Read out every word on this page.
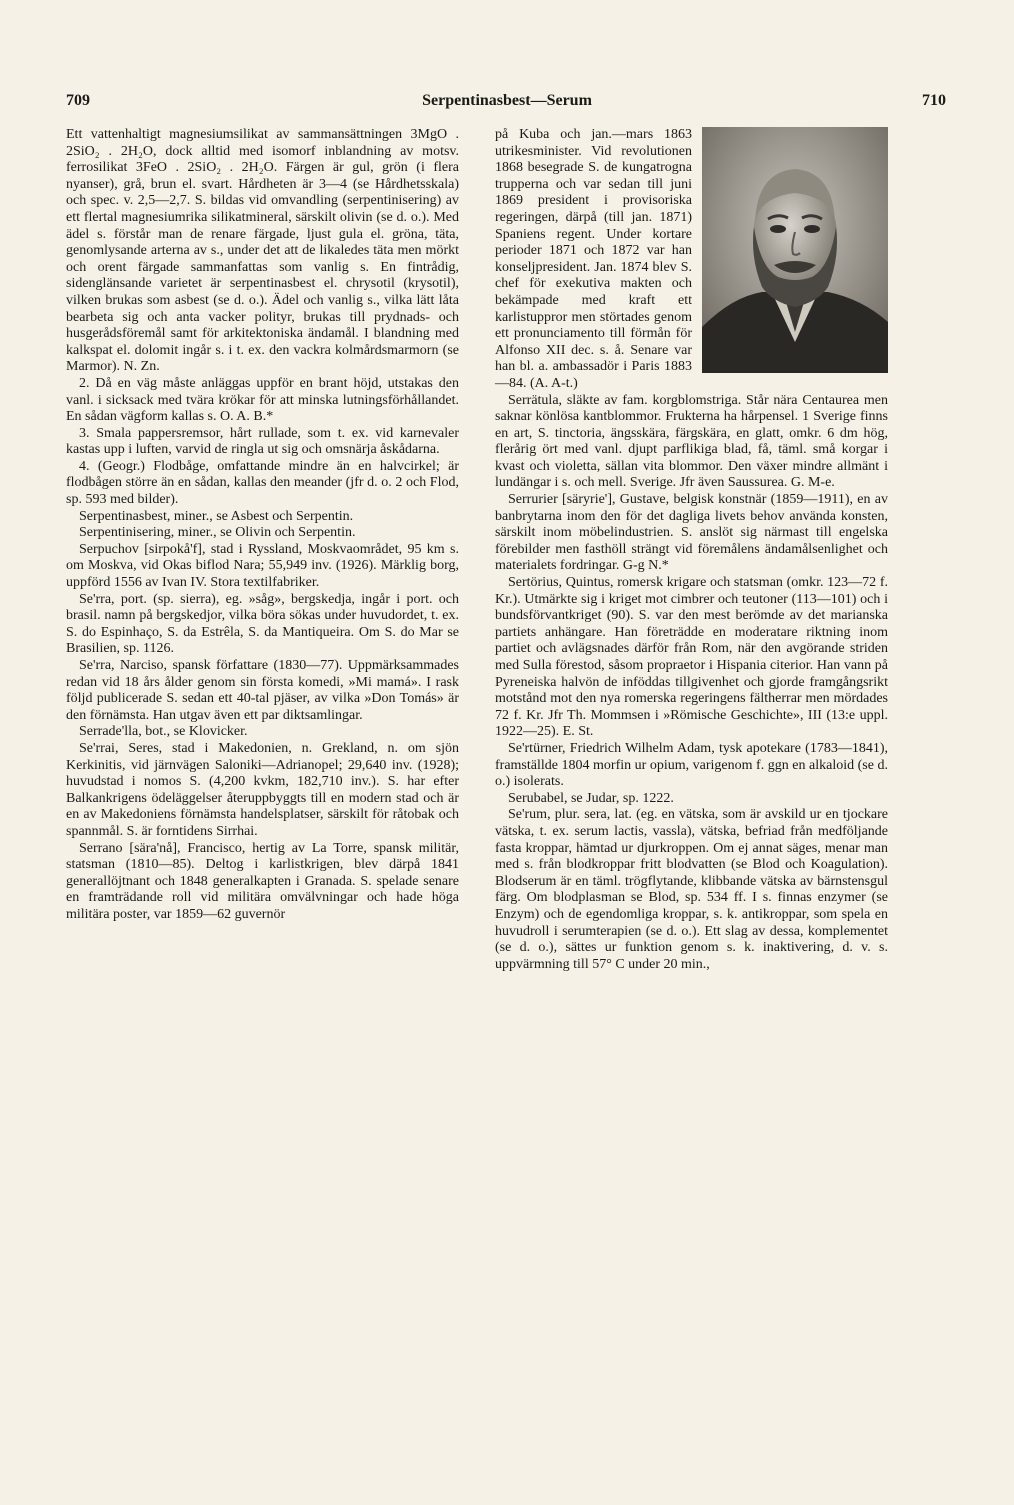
709	Serpentinasbest—Serum	710

Ett vattenhaltigt magnesiumsilikat av sammansättningen 3MgO . 2SiO₂ . 2H₂O, dock alltid med isomorf inblandning av motsv. ferrosilikat 3FeO . 2SiO₂ . 2H₂O. Färgen är gul, grön (i flera nyanser), grå, brun el. svart. Hårdheten är 3—4 (se Hårdhetsskala) och spec. v. 2,5—2,7. S. bildas vid omvandling (serpentinisering) av ett flertal magnesiumrika silikatmineral, särskilt olivin (se d. o.). Med ädel s. förstår man de renare färgade, ljust gula el. gröna, täta, genomlysande arterna av s., under det att de likaledes täta men mörkt och orent färgade sammanfattas som vanlig s. En fintrådig, sidenglänsande varietet är serpentinasbest el. chrysotil (krysotil), vilken brukas som asbest (se d. o.). Ädel och vanlig s., vilka lätt låta bearbeta sig och anta vacker polityr, brukas till prydnads- och husgerådsföremål samt för arkitektoniska ändamål. I blandning med kalkspat el. dolomit ingår s. i t. ex. den vackra kolmårdsmarmorn (se Marmor). N. Zn.

2. Då en väg måste anläggas uppför en brant höjd, utstakas den vanl. i sicksack med tvära krökar för att minska lutningsförhållandet. En sådan vägform kallas s. O. A. B.*

3. Smala pappersremsor, hårt rullade, som t. ex. vid karnevaler kastas upp i luften, varvid de ringla ut sig och omsnärja åskådarna.

4. (Geogr.) Flodbåge, omfattande mindre än en halvcirkel; är flodbågen större än en sådan, kallas den meander (jfr d. o. 2 och Flod, sp. 593 med bilder).

Serpentinasbest, miner., se Asbest och Serpentin.

Serpentinisering, miner., se Olivin och Serpentin.

Serpuchov [sirpokå'f], stad i Ryssland, Moskvaområdet, 95 km s. om Moskva, vid Okas biflod Nara; 55,949 inv. (1926). Märklig borg, uppförd 1556 av Ivan IV. Stora textilfabriker.

Se'rra, port. (sp. sierra), eg. »såg», bergskedja, ingår i port. och brasil. namn på bergskedjor, vilka böra sökas under huvudordet, t. ex. S. do Espinhaço, S. da Estrêla, S. da Mantiqueira. Om S. do Mar se Brasilien, sp. 1126.

Se'rra, Narciso, spansk författare (1830—77). Uppmärksammades redan vid 18 års ålder genom sin första komedi, »Mi mamá». I rask följd publicerade S. sedan ett 40-tal pjäser, av vilka »Don Tomás» är den förnämsta. Han utgav även ett par diktsamlingar.

Serrade'lla, bot., se Klovicker.

Se'rrai, Seres, stad i Makedonien, n. Grekland, n. om sjön Kerkinitis, vid järnvägen Saloniki—Adrianopel; 29,640 inv. (1928); huvudstad i nomos S. (4,200 kvkm, 182,710 inv.). S. har efter Balkankrigens ödeläggelser återuppbyggts till en modern stad och är en av Makedoniens förnämsta handelsplatser, särskilt för råtobak och spannmål. S. är forntidens Sirrhai.

Serrano [sära'nå], Francisco, hertig av La Torre, spansk militär, statsman (1810—85). Deltog i karlistkrigen, blev därpå 1841 generallöjtnant och 1848 generalkapten i Granada. S. spelade senare en framträdande roll vid militära omvälvningar och hade höga militära poster, var 1859—62 guvernör

på Kuba och jan.—mars 1863 utrikesminister. Vid revolutionen 1868 besegrade S. de kungatrogna trupperna och var sedan till juni 1869 president i provisoriska regeringen, därpå (till jan. 1871) Spaniens regent. Under kortare perioder 1871 och 1872 var han konseljpresident. Jan. 1874 blev S. chef för exekutiva makten och bekämpade med kraft ett karlistuppror men störtades genom ett pronunciamento till förmån för Alfonso XII dec. s. å. Senare var han bl. a. ambassadör i Paris 1883—84. (A. A-t.)

Serrätula, släkte av fam. korgblomstriga. Står nära Centaurea men saknar könlösa kantblommor. Frukterna ha hårpensel. 1 Sverige finns en art, S. tinctoria, ängsskära, färgskära, en glatt, omkr. 6 dm hög, flerårig ört med vanl. djupt parflikiga blad, få, täml. små korgar i kvast och violetta, sällan vita blommor. Den växer mindre allmänt i lundängar i s. och mell. Sverige. Jfr även Saussurea. G. M-e.

Serrurier [säryrie'], Gustave, belgisk konstnär (1859—1911), en av banbrytarna inom den för det dagliga livets behov använda konsten, särskilt inom möbelindustrien. S. anslöt sig närmast till engelska förebilder men fasthöll strängt vid föremålens ändamålsenlighet och materialets fordringar. G-g N.*

Sertörius, Quintus, romersk krigare och statsman (omkr. 123—72 f. Kr.). Utmärkte sig i kriget mot cimbrer och teutoner (113—101) och i bundsförvantkriget (90). S. var den mest berömde av det marianska partiets anhängare. Han företrädde en moderatare riktning inom partiet och avlägsnades därför från Rom, när den avgörande striden med Sulla förestod, såsom propraetor i Hispania citerior. Han vann på Pyreneiska halvön de inföddas tillgivenhet och gjorde framgångsrikt motstånd mot den nya romerska regeringens fältherrar men mördades 72 f. Kr. Jfr Th. Mommsen i »Römische Geschichte», III (13:e uppl. 1922—25). E. St.

Se'rtürner, Friedrich Wilhelm Adam, tysk apotekare (1783—1841), framställde 1804 morfin ur opium, varigenom f. ggn en alkaloid (se d. o.) isolerats.

Serubabel, se Judar, sp. 1222.

Se'rum, plur. sera, lat. (eg. en vätska, som är avskild ur en tjockare vätska, t. ex. serum lactis, vassla), vätska, befriad från medföljande fasta kroppar, hämtad ur djurkroppen. Om ej annat säges, menar man med s. från blodkroppar fritt blodvatten (se Blod och Koagulation). Blodserum är en täml. trögflytande, klibbande vätska av bärnstensgul färg. Om blodplasman se Blod, sp. 534 ff. I s. finnas enzymer (se Enzym) och de egendomliga kroppar, s. k. antikroppar, som spela en huvudroll i serumterapien (se d. o.). Ett slag av dessa, komplementet (se d. o.), sättes ur funktion genom s. k. inaktivering, d. v. s. uppvärmning till 57° C under 20 min.,
